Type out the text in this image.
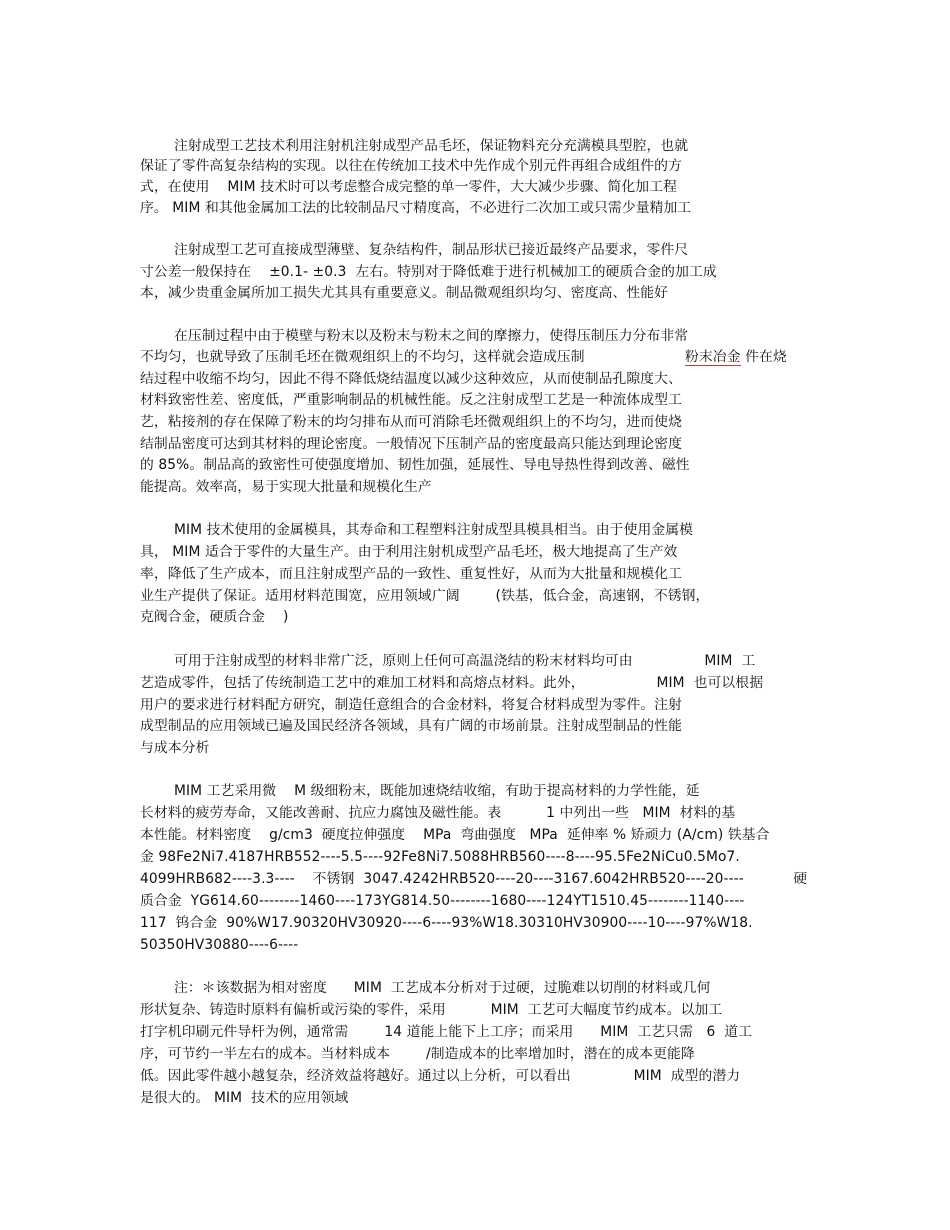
注射成型工艺技术利用注射机注射成型产品毛坯，保证物料充分充满模具型腔，也就
保证了零件高复杂结构的实现。以往在传统加工技术中先作成个别元件再组合成组件的方
式，在使用    MIM 技术时可以考虑整合成完整的单一零件，大大减少步骤、简化加工程
序。 MIM 和其他金属加工法的比较制品尺寸精度高，不必进行二次加工或只需少量精加工
注射成型工艺可直接成型薄壁、复杂结构件，制品形状已接近最终产品要求，零件尺
寸公差一般保持在    ±0.1- ±0.3  左右。特别对于降低难于进行机械加工的硬质合金的加工成
本，减少贵重金属所加工损失尤其具有重要意义。制品微观组织均匀、密度高、性能好
在压制过程中由于模壁与粉末以及粉末与粉末之间的摩擦力，使得压制压力分布非常
不均匀，也就导致了压制毛坯在微观组织上的不均匀，这样就会造成压制	粉末冶金 件在烧
结过程中收缩不均匀，因此不得不降低烧结温度以减少这种效应，从而使制品孔隙度大、
材料致密性差、密度低，严重影响制品的机械性能。反之注射成型工艺是一种流体成型工
艺，粘接剂的存在保障了粉末的均匀排布从而可消除毛坯微观组织上的不均匀，进而使烧
结制品密度可达到其材料的理论密度。一般情况下压制产品的密度最高只能达到理论密度
的 85%。制品高的致密性可使强度增加、韧性加强，延展性、导电导热性得到改善、磁性
能提高。效率高，易于实现大批量和规模化生产
MIM 技术使用的金属模具，其寿命和工程塑料注射成型具模具相当。由于使用金属模
具， MIM 适合于零件的大量生产。由于利用注射机成型产品毛坯，极大地提高了生产效
率，降低了生产成本，而且注射成型产品的一致性、重复性好，从而为大批量和规模化工
业生产提供了保证。适用材料范围宽，应用领域广阔        (铁基，低合金，高速钢，不锈钢，
克阀合金，硬质合金    )
可用于注射成型的材料非常广泛，原则上任何可高温浇结的粉末材料均可由                MIM  工
艺造成零件，包括了传统制造工艺中的难加工材料和高熔点材料。此外，                MIM  也可以根据
用户的要求进行材料配方研究，制造任意组合的合金材料，将复合材料成型为零件。注射
成型制品的应用领域已遍及国民经济各领域，具有广阔的市场前景。注射成型制品的性能
与成本分析
MIM 工艺采用微    M 级细粉末，既能加速烧结收缩，有助于提高材料的力学性能，延
长材料的疲劳寿命，又能改善耐、抗应力腐蚀及磁性能。表          1 中列出一些   MIM  材料的基
本性能。材料密度    g/cm3  硬度拉伸强度    MPa  弯曲强度   MPa  延伸率 % 矫顽力 (A/cm) 铁基合
金 98Fe2Ni7.4187HRB552----5.5----92Fe8Ni7.5088HRB560----8----95.5Fe2NiCu0.5Mo7.
4099HRB682----3.3----    不锈钢  3047.4242HRB520----20----3167.6042HRB520----20----           硬
质合金  YG614.60--------1460----173YG814.50--------1680----124YT1510.45--------1140----
117  钨合金  90%W17.90320HV30920----6----93%W18.30310HV30900----10----97%W18.
50350HV30880----6----
注：＊该数据为相对密度      MIM  工艺成本分析对于过硬，过脆难以切削的材料或几何
形状复杂、铸造时原料有偏析或污染的零件，采用          MIM  工艺可大幅度节约成本。以加工
打字机印刷元件导杆为例，通常需        14 道能上能下上工序；而采用      MIM  工艺只需   6  道工
序，可节约一半左右的成本。当材料成本        /制造成本的比率增加时，潜在的成本更能降
低。因此零件越小越复杂，经济效益将越好。通过以上分析，可以看出              MIM  成型的潜力
是很大的。 MIM  技术的应用领域
